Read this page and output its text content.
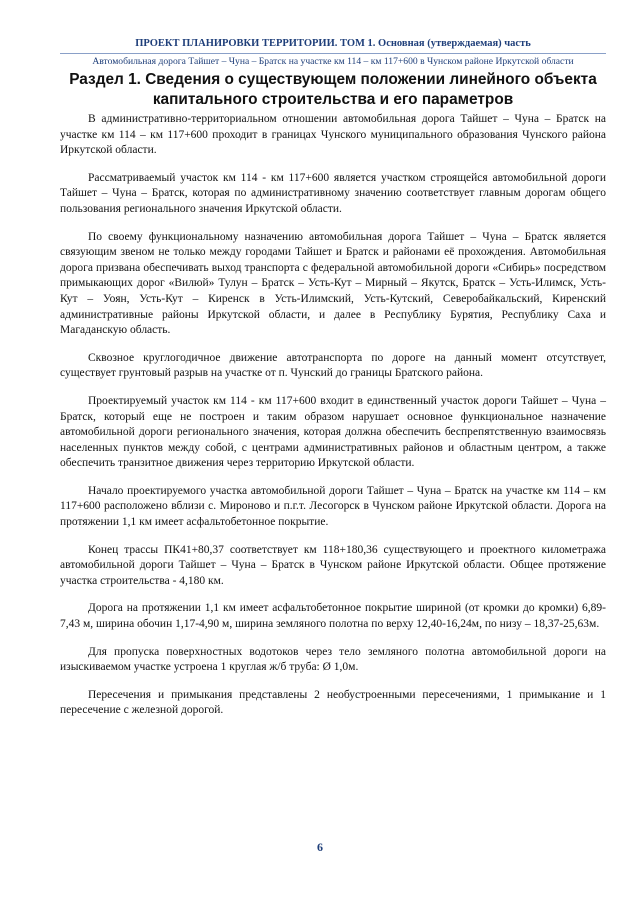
ПРОЕКТ ПЛАНИРОВКИ ТЕРРИТОРИИ. ТОМ 1. Основная (утверждаемая) часть
Автомобильная дорога Тайшет – Чуна – Братск на участке км 114 – км 117+600 в Чунском районе Иркутской области
Раздел 1. Сведения о существующем положении линейного объекта капитального строительства и его параметров

В административно-территориальном отношении автомобильная дорога Тайшет – Чуна – Братск на участке км 114 – км 117+600 проходит в границах Чунского муниципального образования Чунского района Иркутской области.

Рассматриваемый участок км 114 - км 117+600 является участком строящейся автомобильной дороги Тайшет – Чуна – Братск, которая по административному значению соответствует главным дорогам общего пользования регионального значения Иркутской области.

По своему функциональному назначению автомобильная дорога Тайшет – Чуна – Братск является связующим звеном не только между городами Тайшет и Братск и районами её прохождения. Автомобильная дорога призвана обеспечивать выход транспорта с федеральной автомобильной дороги «Сибирь» посредством примыкающих дорог «Вилюй» Тулун – Братск – Усть-Кут – Мирный – Якутск, Братск – Усть-Илимск, Усть-Кут – Уоян, Усть-Кут – Киренск в Усть-Илимский, Усть-Кутский, Северобайкальский, Киренский административные районы Иркутской области, и далее в Республику Бурятия, Республику Саха и Магаданскую область.

Сквозное круглогодичное движение автотранспорта по дороге на данный момент отсутствует, существует грунтовый разрыв на участке от п. Чунский до границы Братского района.

Проектируемый участок км 114 - км 117+600 входит в единственный участок дороги Тайшет – Чуна – Братск, который еще не построен и таким образом нарушает основное функциональное назначение автомобильной дороги регионального значения, которая должна обеспечить беспрепятственную взаимосвязь населенных пунктов между собой, с центрами административных районов и областным центром, а также обеспечить транзитное движения через территорию Иркутской области.

Начало проектируемого участка автомобильной дороги Тайшет – Чуна – Братск на участке км 114 – км 117+600 расположено вблизи с. Мироново и п.г.т. Лесогорск в Чунском районе Иркутской области. Дорога на протяжении 1,1 км имеет асфальтобетонное покрытие.

Конец трассы ПК41+80,37 соответствует км 118+180,36 существующего и проектного километража автомобильной дороги Тайшет – Чуна – Братск в Чунском районе Иркутской области. Общее протяжение участка строительства - 4,180 км.

Дорога на протяжении 1,1 км имеет асфальтобетонное покрытие шириной (от кромки до кромки) 6,89-7,43 м, ширина обочин 1,17-4,90 м, ширина земляного полотна по верху 12,40-16,24м, по низу – 18,37-25,63м.

Для пропуска поверхностных водотоков через тело земляного полотна автомобильной дороги на изыскиваемом участке устроена 1 круглая ж/б труба: Ø 1,0м.

Пересечения и примыкания представлены 2 необустроенными пересечениями, 1 примыкание и 1 пересечение с железной дорогой.

6
